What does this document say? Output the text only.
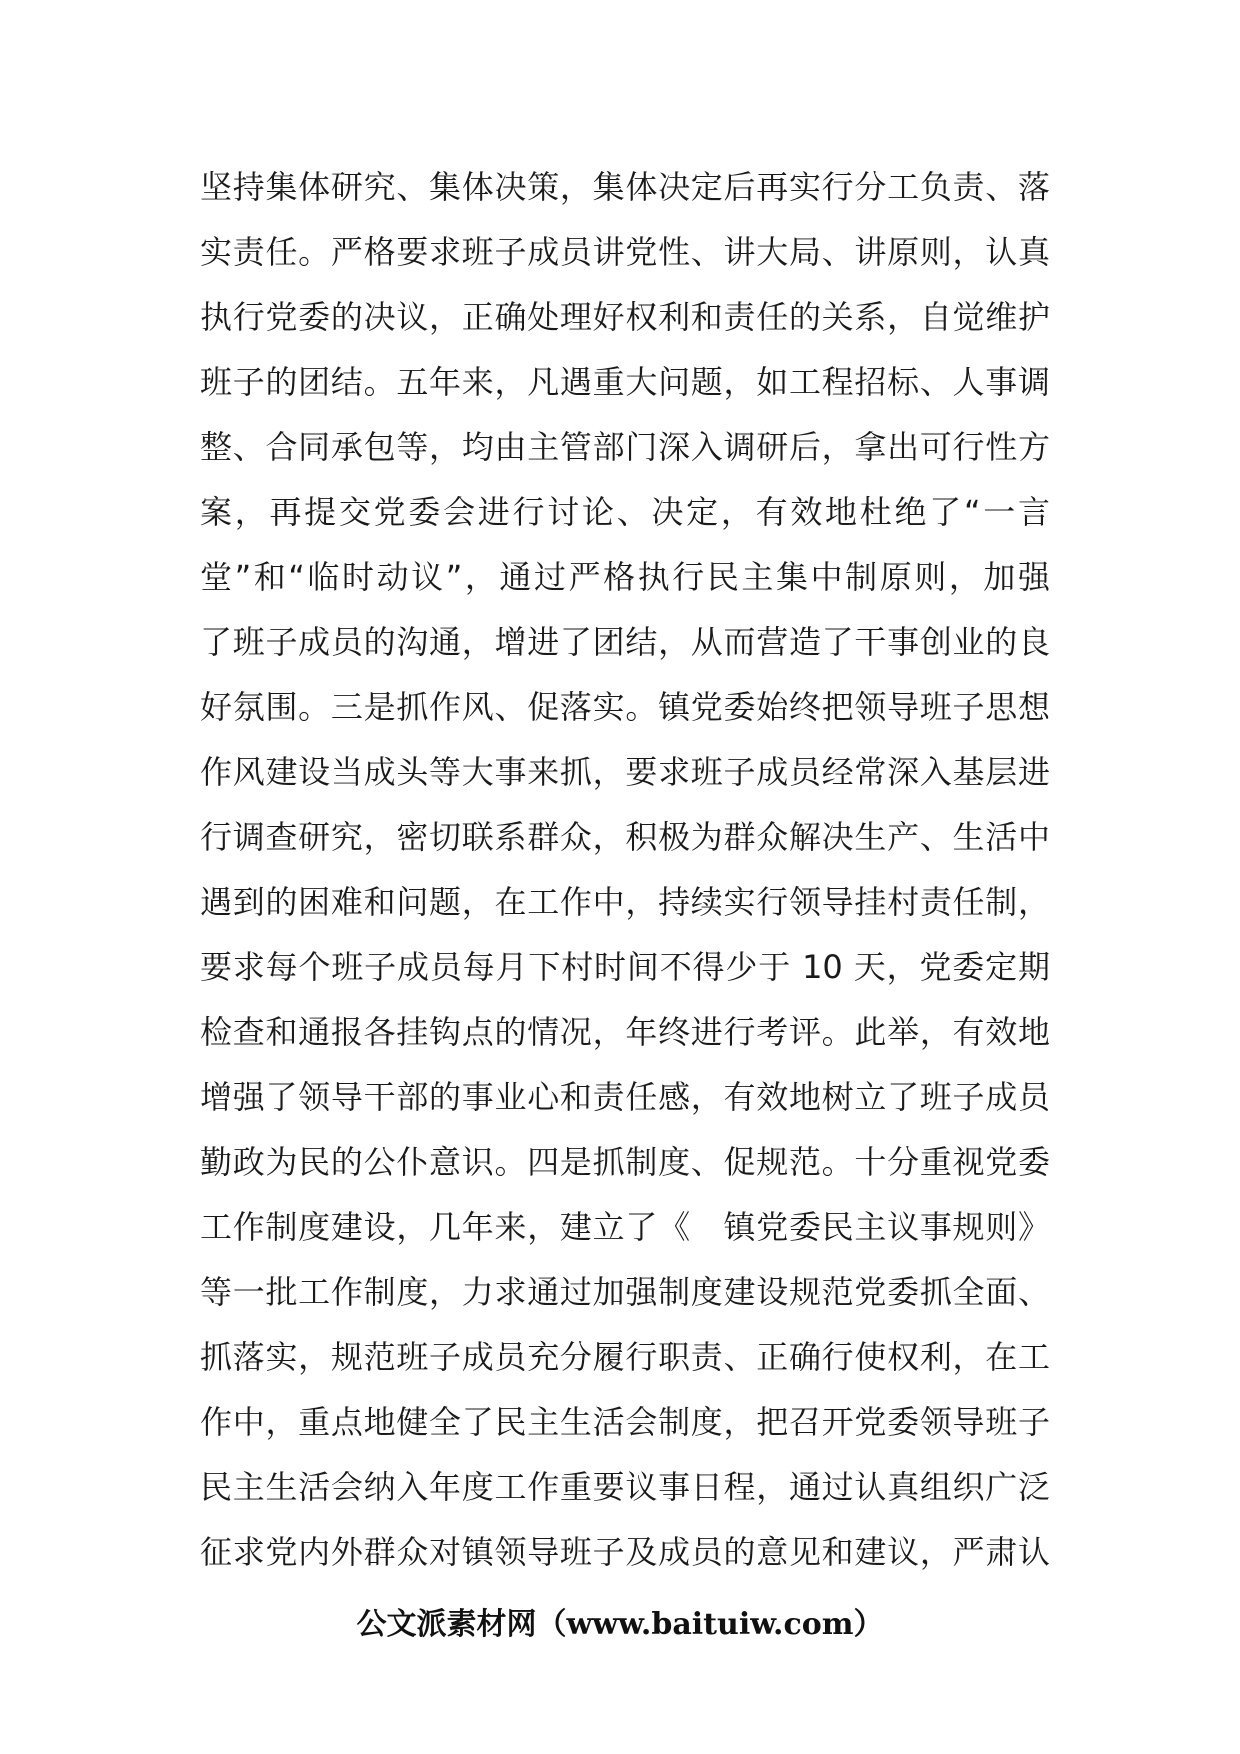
坚持集体研究、集体决策，集体决定后再实行分工负责、落
实责任。严格要求班子成员讲党性、讲大局、讲原则，认真
执行党委的决议，正确处理好权利和责任的关系，自觉维护
班子的团结。五年来，凡遇重大问题，如工程招标、人事调
整、合同承包等，均由主管部门深入调研后，拿出可行性方
案，再提交党委会进行讨论、决定，有效地杜绝了“一言
堂”和“临时动议”，通过严格执行民主集中制原则，加强
了班子成员的沟通，增进了团结，从而营造了干事创业的良
好氛围。三是抓作风、促落实。镇党委始终把领导班子思想
作风建设当成头等大事来抓，要求班子成员经常深入基层进
行调查研究，密切联系群众，积极为群众解决生产、生活中
遇到的困难和问题，在工作中，持续实行领导挂村责任制，
要求每个班子成员每月下村时间不得少于 10 天，党委定期
检查和通报各挂钩点的情况，年终进行考评。此举，有效地
增强了领导干部的事业心和责任感，有效地树立了班子成员
勤政为民的公仆意识。四是抓制度、促规范。十分重视党委
工作制度建设，几年来，建立了《　镇党委民主议事规则》
等一批工作制度，力求通过加强制度建设规范党委抓全面、
抓落实，规范班子成员充分履行职责、正确行使权利，在工
作中，重点地健全了民主生活会制度，把召开党委领导班子
民主生活会纳入年度工作重要议事日程，通过认真组织广泛
征求党内外群众对镇领导班子及成员的意见和建议，严肃认
公文派素材网（www.baituiw.com）
